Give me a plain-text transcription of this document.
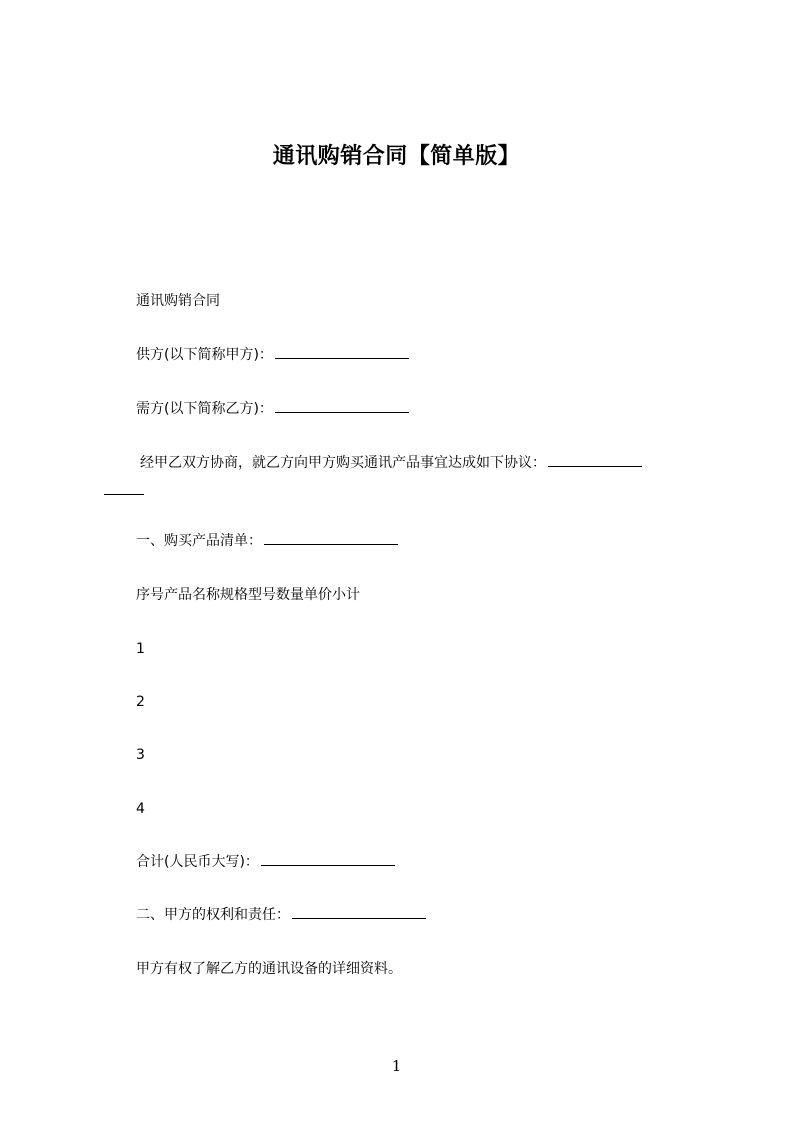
通讯购销合同【简单版】
通讯购销合同
供方(以下简称甲方)：
需方(以下简称乙方)：
经甲乙双方协商，就乙方向甲方购买通讯产品事宜达成如下协议：
一、购买产品清单：
序号产品名称规格型号数量单价小计
1
2
3
4
合计(人民币大写)：
二、甲方的权利和责任：
甲方有权了解乙方的通讯设备的详细资料。
1
